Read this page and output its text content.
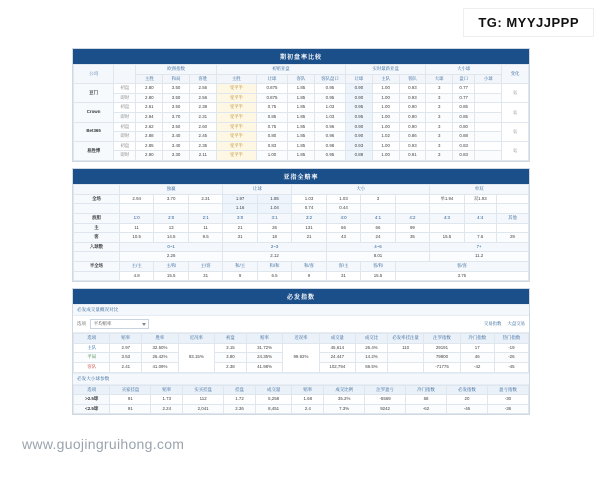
TG: MYYJJPPP
www.guojingruihong.com
期初盘率比较
公司		欧洲指数			初赔亚盘				实时最新亚盘			大小球			变化
		主胜	和局	客胜	主胜	让球	客队	客队盘口	让球	主队	客队	大球	盘口	小球	
豆门	初盘	2.80	3.50	2.56	受平半	0.875	1.85	0.95	0.90	1.00	0.93	3	0.77		氨
	即时	2.80	3.50	2.56	受平半	0.875	1.85	0.95	0.90	1.00	0.93	3	0.77		
Crown	初盘	2.61	3.50	2.38	受平半	0.75	1.85	1.03	0.95	1.00	0.90	3	0.85		氨
	即时	2.94	3.70	2.31	受平半	0.85	1.85	1.03	0.95	1.00	0.90	3	0.85		
Bet365	初盘	2.62	3.50	2.60	受平半	0.75	1.85	0.96	0.90	1.00	0.90	3	0.80		氨
	即时	2.88	3.40	2.45	受平半	0.80	1.85	0.96	0.90	1.02	0.86	3	0.88		
易胜博	初盘	2.85	3.40	2.35	受平半	0.83	1.85	0.98	0.93	1.00	0.93	3	0.83		氨
	即时	2.90	3.30	2.11	受平半	1.00	1.85	0.95	0.88	1.00	0.91	3	0.83		
亚指全赔率
	独赢			让球		大小				单双		
全场	2.94	3.70	2.31	1.97	1.85	1.03	1.03	3		单1.94	双1.93	
				1.16	1.04	0.74	0.44					
波胆	1:0	2:0	2:1	3:0	3:1	3:2	4:0	4:1	4:2	4:3	4:4	其他
主	11	13	11	21	26	131	66	66	99			
客	10.5	14.5	9.5	31	18	21	43	24	35	15.5	7.6	29
入球数	0~1			2~3			4~6			7+		
	2.26			2.12			8.01			11.2		
半全场	主/主	主/和	主/客	和/主	和/和	和/客	客/主	客/和	客/客			
	4.8	15.5	31	9	6.5	9	31	15.5	3.75			
必发指数
必发成交量概况对比
选项	平均赔率	交易指数 大盘交易
选项	赔率	胜率	近况率	初盘	赔率	近况率	成交量	成交比	必发率挂注量	注罗指数	冷门指数	热门指数
主队	2.97	32.50%	93.15%	3.15	31.72%	99.92%	45,614	26.4%	110	29191	17	-19
平局	3.53	26.42%		3.80	24.35%		24.447	14.2%		79900	46	-26
客队	2.41	41.09%		2.38	41.98%		102,794	59.5%		-71775	-42	-45
必发大小球参数
选项	买家挂盘	赔率	实买挂盘	挂盘	成交量	赔率	成交比例	注罗盈亏	冷门指数	必发指数	盈亏指数
>2.5球	91	1.73	112	1.72	5,258	1.68	35.2%	-5569	58	20	-30
<2.5球	91	2.24	2,041	2.36	8,451	2.4	7.3%	9242	-62	-46	-36
